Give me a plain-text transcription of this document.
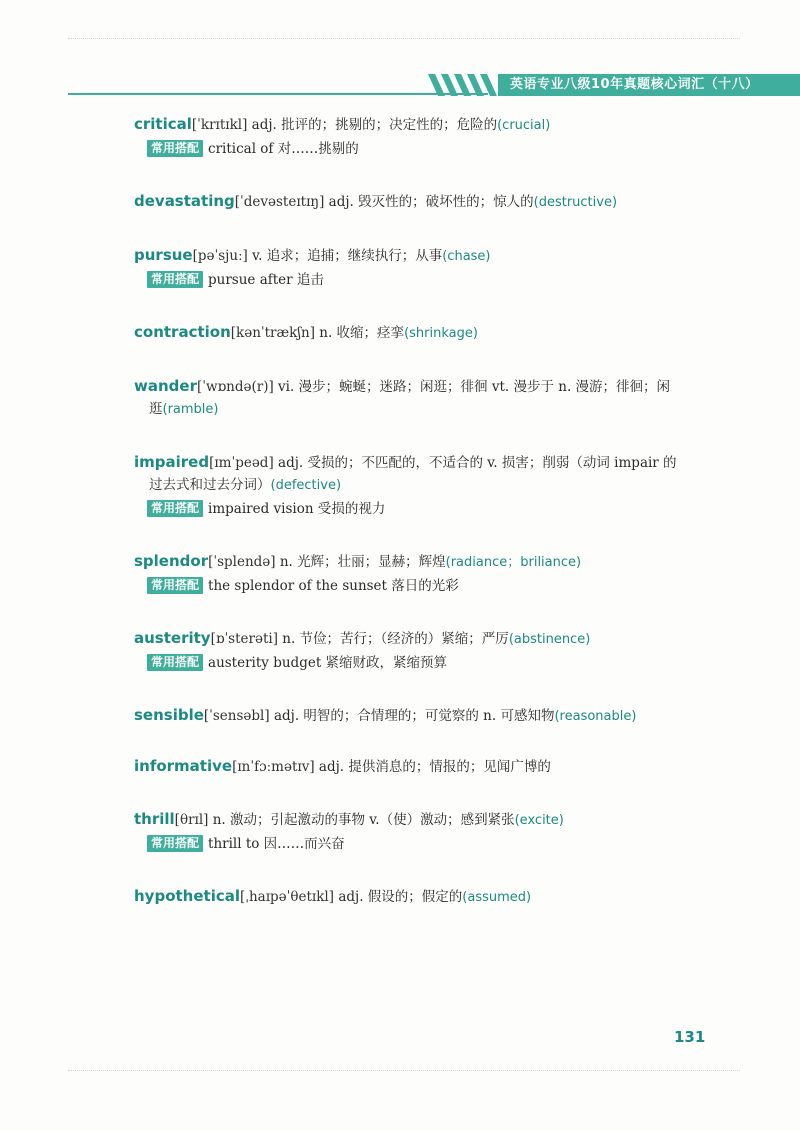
英语专业八级10年真题核心词汇（十八）
critical[ˈkrɪtɪkl] adj. 批评的；挑剔的；决定性的；危险的(crucial)
常用搭配 critical of 对……挑剔的
devastating[ˈdevəsteɪtɪŋ] adj. 毁灭性的；破坏性的；惊人的(destructive)
pursue[pəˈsjuː] v. 追求；追捕；继续执行；从事(chase)
常用搭配 pursue after 追击
contraction[kənˈtrækʃn] n. 收缩；痉挛(shrinkage)
wander[ˈwɒndə(r)] vi. 漫步；蜿蜒；迷路；闲逛；徘徊 vt. 漫步于 n. 漫游；徘徊；闲
逛(ramble)
impaired[ɪmˈpeəd] adj. 受损的；不匹配的，不适合的 v. 损害；削弱（动词 impair 的
过去式和过去分词）(defective)
常用搭配 impaired vision 受损的视力
splendor[ˈsplendə] n. 光辉；壮丽；显赫；辉煌(radiance；briliance)
常用搭配 the splendor of the sunset 落日的光彩
austerity[ɒˈsterəti] n. 节俭；苦行；（经济的）紧缩；严厉(abstinence)
常用搭配 austerity budget 紧缩财政，紧缩预算
sensible[ˈsensəbl] adj. 明智的；合情理的；可觉察的 n. 可感知物(reasonable)
informative[ɪnˈfɔːmətɪv] adj. 提供消息的；情报的；见闻广博的
thrill[θrɪl] n. 激动；引起激动的事物 v.（使）激动；感到紧张(excite)
常用搭配 thrill to 因……而兴奋
hypothetical[ˌhaɪpəˈθetɪkl] adj. 假设的；假定的(assumed)
131
